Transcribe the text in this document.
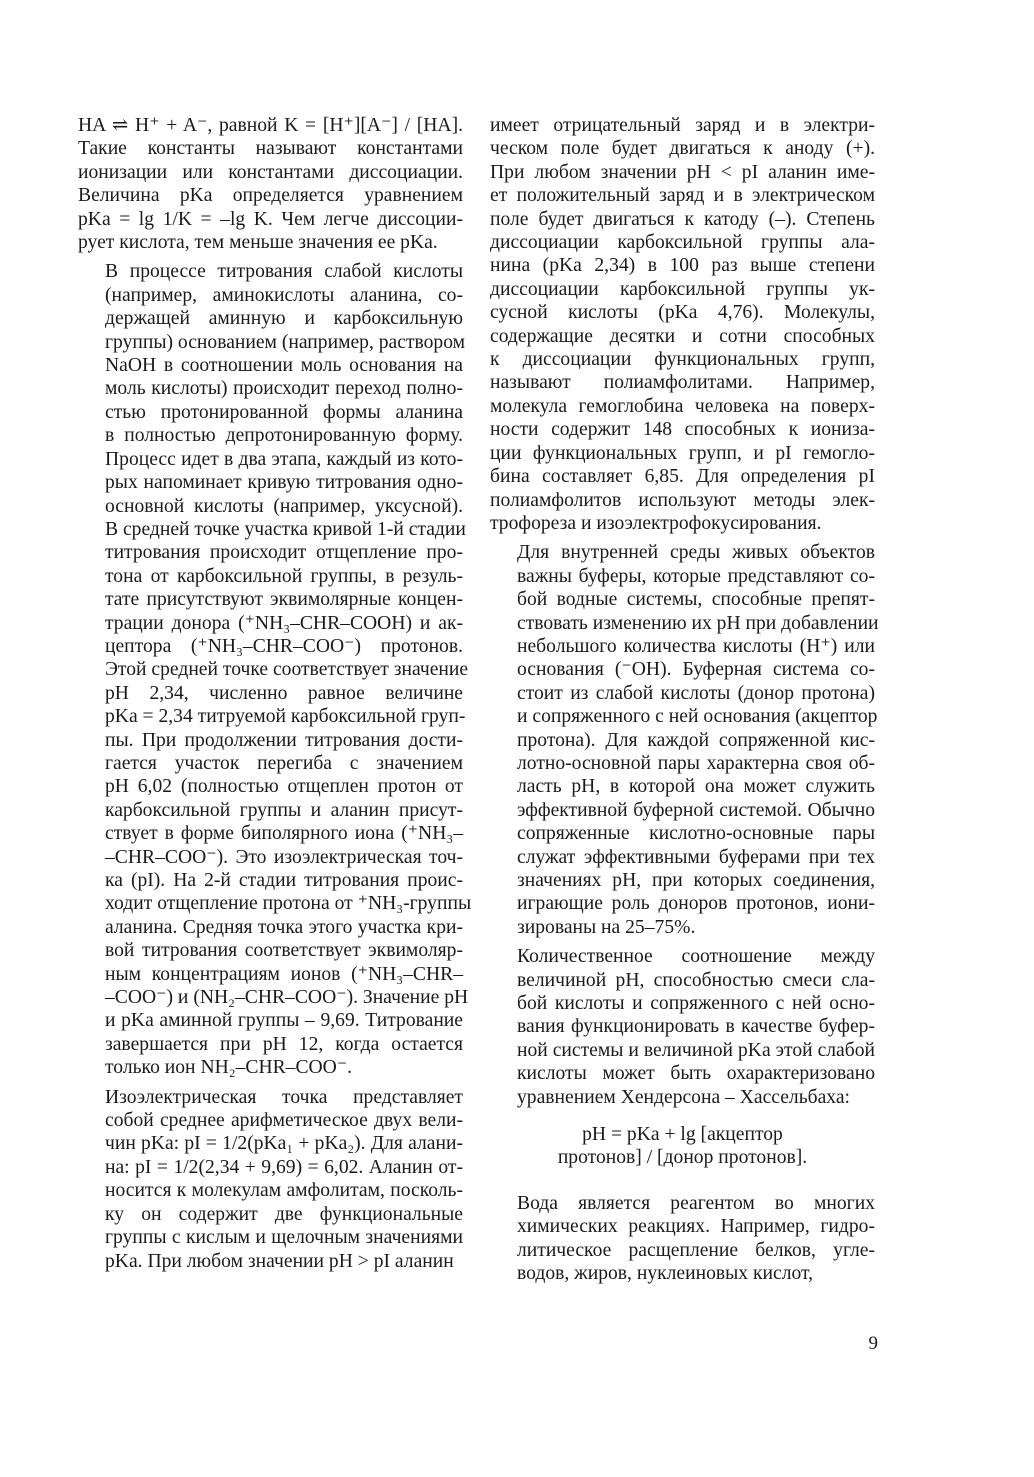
HA ⇌ H⁺ + A⁻, равной K = [H⁺][A⁻] / [HA].
Такие константы называют константами
ионизации или константами диссоциации.
Величина pKa определяется уравнением
pKa = lg 1/K = –lg K. Чем легче диссоции-
рует кислота, тем меньше значения ее pKa.
В процессе титрования слабой кислоты
(например, аминокислоты аланина, со-
держащей аминную и карбоксильную
группы) основанием (например, раствором
NaOH в соотношении моль основания на
моль кислоты) происходит переход полно-
стью протонированной формы аланина
в полностью депротонированную форму.
Процесс идет в два этапа, каждый из кото-
рых напоминает кривую титрования одно-
основной кислоты (например, уксусной).
В средней точке участка кривой 1-й стадии
титрования происходит отщепление про-
тона от карбоксильной группы, в резуль-
тате присутствуют эквимолярные концен-
трации донора (⁺NH₃–CHR–COOH) и ак-
цептора (⁺NH₃–CHR–COO⁻) протонов.
Этой средней точке соответствует значение
pH 2,34, численно равное величине
pKa = 2,34 титруемой карбоксильной груп-
пы. При продолжении титрования дости-
гается участок перегиба с значением
pH 6,02 (полностью отщеплен протон от
карбоксильной группы и аланин присут-
ствует в форме биполярного иона (⁺NH₃–
–CHR–COO⁻). Это изоэлектрическая точ-
ка (pI). На 2-й стадии титрования проис-
ходит отщепление протона от ⁺NH₃-группы
аланина. Средняя точка этого участка кри-
вой титрования соответствует эквимоляр-
ным концентрациям ионов (⁺NH₃–CHR–
–COO⁻) и (NH₂–CHR–COO⁻). Значение pH
и pKa аминной группы – 9,69. Титрование
завершается при pH 12, когда остается
только ион NH₂–CHR–COO⁻.
Изоэлектрическая точка представляет
собой среднее арифметическое двух вели-
чин pKa: pI = 1/2(pKa₁ + pKa₂). Для алани-
на: pI = 1/2(2,34 + 9,69) = 6,02. Аланин от-
носится к молекулам амфолитам, посколь-
ку он содержит две функциональные
группы с кислым и щелочным значениями
pKa. При любом значении pH > pI аланин
имеет отрицательный заряд и в электри-
ческом поле будет двигаться к аноду (+).
При любом значении pH < pI аланин име-
ет положительный заряд и в электрическом
поле будет двигаться к катоду (–). Степень
диссоциации карбоксильной группы ала-
нина (pKa 2,34) в 100 раз выше степени
диссоциации карбоксильной группы ук-
сусной кислоты (pKa 4,76). Молекулы,
содержащие десятки и сотни способных
к диссоциации функциональных групп,
называют полиамфолитами. Например,
молекула гемоглобина человека на поверх-
ности содержит 148 способных к иониза-
ции функциональных групп, и pI гемогло-
бина составляет 6,85. Для определения pI
полиамфолитов используют методы элек-
трофореза и изоэлектрофокусирования.
Для внутренней среды живых объектов
важны буферы, которые представляют со-
бой водные системы, способные препят-
ствовать изменению их pH при добавлении
небольшого количества кислоты (H⁺) или
основания (⁻OH). Буферная система со-
стоит из слабой кислоты (донор протона)
и сопряженного с ней основания (акцептор
протона). Для каждой сопряженной кис-
лотно-основной пары характерна своя об-
ласть pH, в которой она может служить
эффективной буферной системой. Обычно
сопряженные кислотно-основные пары
служат эффективными буферами при тех
значениях pH, при которых соединения,
играющие роль доноров протонов, иони-
зированы на 25–75%.
Количественное соотношение между
величиной pH, способностью смеси сла-
бой кислоты и сопряженного с ней осно-
вания функционировать в качестве буфер-
ной системы и величиной pKa этой слабой
кислоты может быть охарактеризовано
уравнением Хендерсона – Хассельбаха:
pH = pKa + lg [акцептор
протонов] / [донор протонов].
Вода является реагентом во многих
химических реакциях. Например, гидро-
литическое расщепление белков, угле-
водов, жиров, нуклеиновых кислот,
9
